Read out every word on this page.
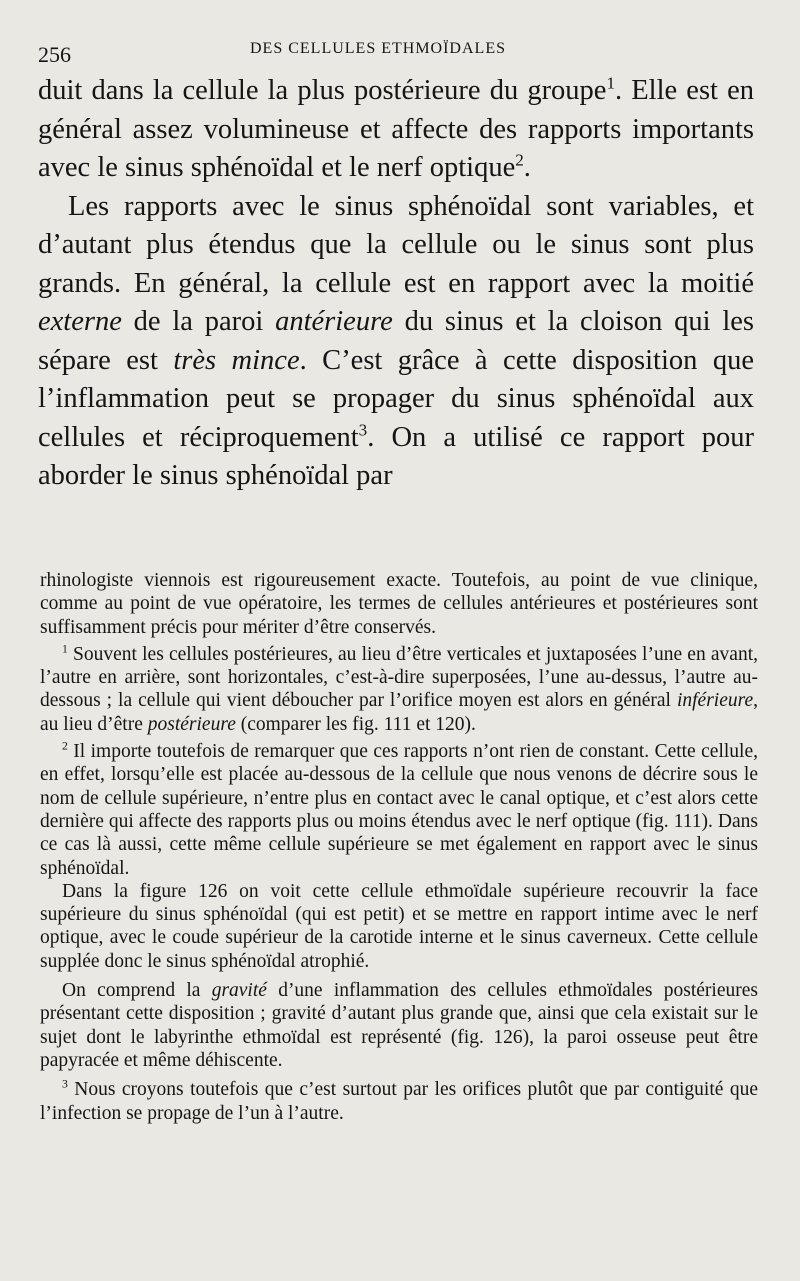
256	DES CELLULES ETHMOÏDALES

duit dans la cellule la plus postérieure du groupe$^1$. Elle est en général assez volumineuse et affecte des rapports importants avec le sinus sphénoïdal et le nerf optique$^2$.

Les rapports avec le sinus sphénoïdal sont variables, et d’autant plus étendus que la cellule ou le sinus sont plus grands. En général, la cellule est en rapport avec la moitié externe de la paroi antérieure du sinus et la cloison qui les sépare est très mince. C’est grâce à cette disposition que l’inflammation peut se propager du sinus sphénoïdal aux cellules et réciproquement$^3$. On a utilisé ce rapport pour aborder le sinus sphénoïdal par

rhinologiste viennois est rigoureusement exacte. Toutefois, au point de vue clinique, comme au point de vue opératoire, les termes de cellules antérieures et postérieures sont suffisamment précis pour mériter d’être conservés.

$^1$ Souvent les cellules postérieures, au lieu d’être verticales et juxtaposées l’une en avant, l’autre en arrière, sont horizontales, c’est-à-dire superposées, l’une au-dessus, l’autre au-dessous ; la cellule qui vient déboucher par l’orifice moyen est alors en général inférieure, au lieu d’être postérieure (comparer les fig. 111 et 120).

$^2$ Il importe toutefois de remarquer que ces rapports n’ont rien de constant. Cette cellule, en effet, lorsqu’elle est placée au-dessous de la cellule que nous venons de décrire sous le nom de cellule supérieure, n’entre plus en contact avec le canal optique, et c’est alors cette dernière qui affecte des rapports plus ou moins étendus avec le nerf optique (fig. 111). Dans ce cas là aussi, cette même cellule supérieure se met également en rapport avec le sinus sphénoïdal.

Dans la figure 126 on voit cette cellule ethmoïdale supérieure recouvrir la face supérieure du sinus sphénoïdal (qui est petit) et se mettre en rapport intime avec le nerf optique, avec le coude supérieur de la carotide interne et le sinus caverneux. Cette cellule supplée donc le sinus sphénoïdal atrophié.

On comprend la gravité d’une inflammation des cellules ethmoïdales postérieures présentant cette disposition ; gravité d’autant plus grande que, ainsi que cela existait sur le sujet dont le labyrinthe ethmoïdal est représenté (fig. 126), la paroi osseuse peut être papyracée et même déhiscente.

$^3$ Nous croyons toutefois que c’est surtout par les orifices plutôt que par contiguité que l’infection se propage de l’un à l’autre.
